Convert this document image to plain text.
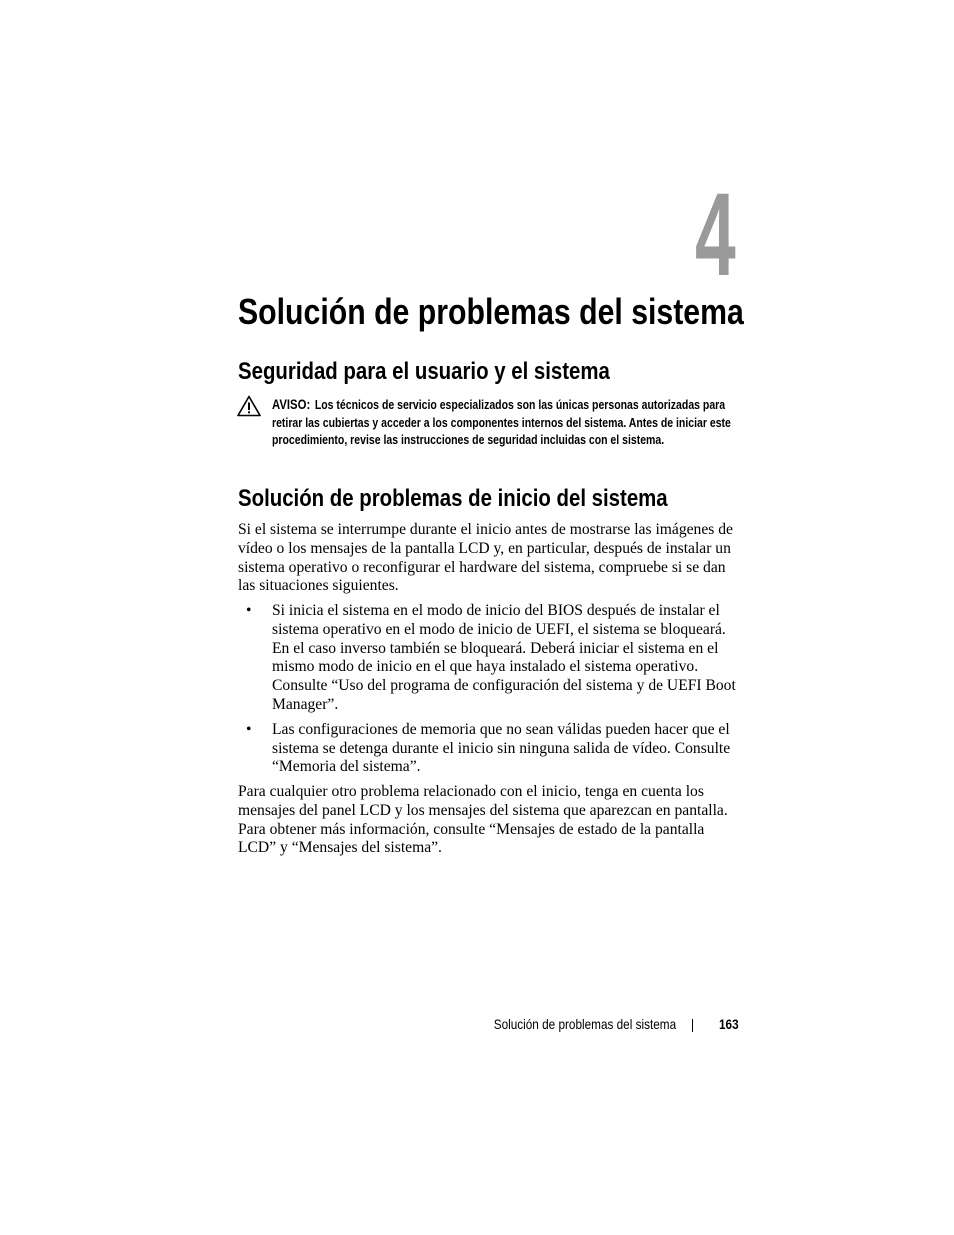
4
Solución de problemas del sistema
Seguridad para el usuario y el sistema

AVISO: Los técnicos de servicio especializados son las únicas personas autorizadas para retirar las cubiertas y acceder a los componentes internos del sistema. Antes de iniciar este procedimiento, revise las instrucciones de seguridad incluidas con el sistema.

Solución de problemas de inicio del sistema

Si el sistema se interrumpe durante el inicio antes de mostrarse las imágenes de vídeo o los mensajes de la pantalla LCD y, en particular, después de instalar un sistema operativo o reconfigurar el hardware del sistema, compruebe si se dan las situaciones siguientes.

• Si inicia el sistema en el modo de inicio del BIOS después de instalar el sistema operativo en el modo de inicio de UEFI, el sistema se bloqueará. En el caso inverso también se bloqueará. Deberá iniciar el sistema en el mismo modo de inicio en el que haya instalado el sistema operativo. Consulte “Uso del programa de configuración del sistema y de UEFI Boot Manager”.
• Las configuraciones de memoria que no sean válidas pueden hacer que el sistema se detenga durante el inicio sin ninguna salida de vídeo. Consulte “Memoria del sistema”.

Para cualquier otro problema relacionado con el inicio, tenga en cuenta los mensajes del panel LCD y los mensajes del sistema que aparezcan en pantalla. Para obtener más información, consulte “Mensajes de estado de la pantalla LCD” y “Mensajes del sistema”.

Solución de problemas del sistema	163
